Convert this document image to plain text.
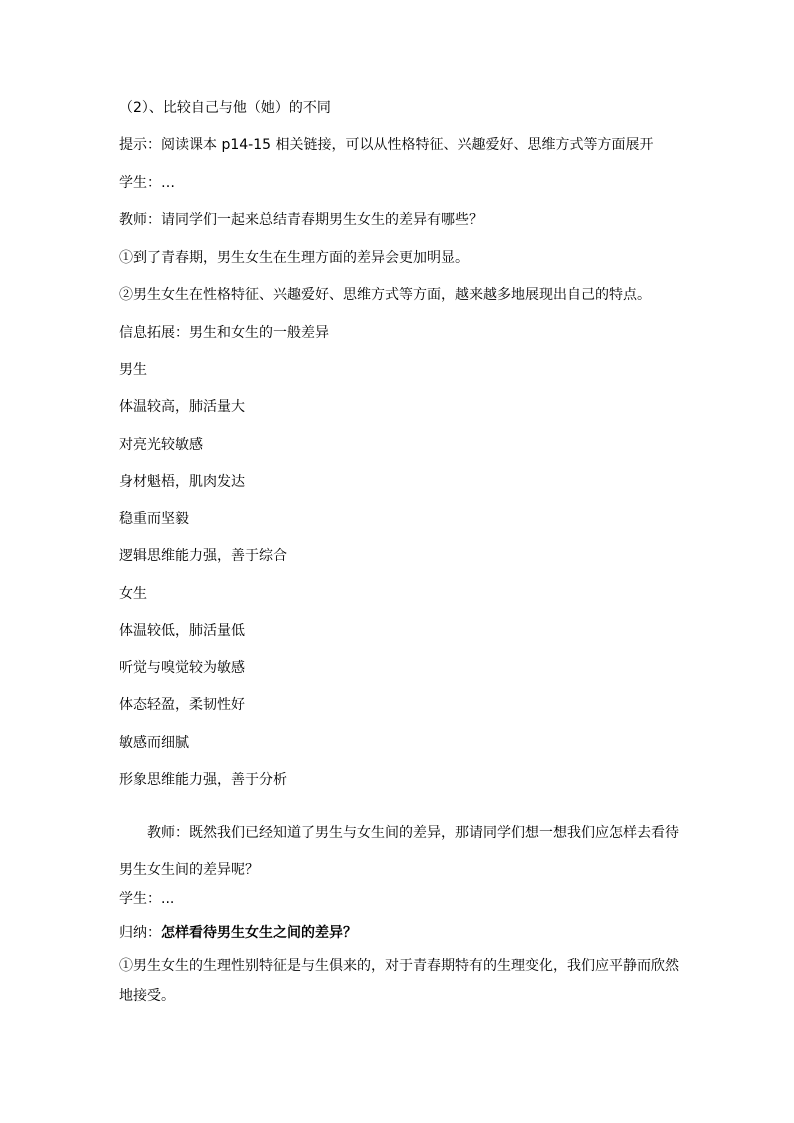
（2）、比较自己与他（她）的不同
提示：阅读课本 p14-15 相关链接，可以从性格特征、兴趣爱好、思维方式等方面展开
学生：…
教师：请同学们一起来总结青春期男生女生的差异有哪些？
①到了青春期，男生女生在生理方面的差异会更加明显。
②男生女生在性格特征、兴趣爱好、思维方式等方面，越来越多地展现出自己的特点。
信息拓展：男生和女生的一般差异
男生
体温较高，肺活量大
对亮光较敏感
身材魁梧，肌肉发达
稳重而坚毅
逻辑思维能力强，善于综合
女生
体温较低，肺活量低
听觉与嗅觉较为敏感
体态轻盈，柔韧性好
敏感而细腻
形象思维能力强，善于分析
教师：既然我们已经知道了男生与女生间的差异，那请同学们想一想我们应怎样去看待男生女生间的差异呢？
学生：...
归纳：怎样看待男生女生之间的差异？
①男生女生的生理性别特征是与生俱来的，对于青春期特有的生理变化，我们应平静而欣然地接受。
